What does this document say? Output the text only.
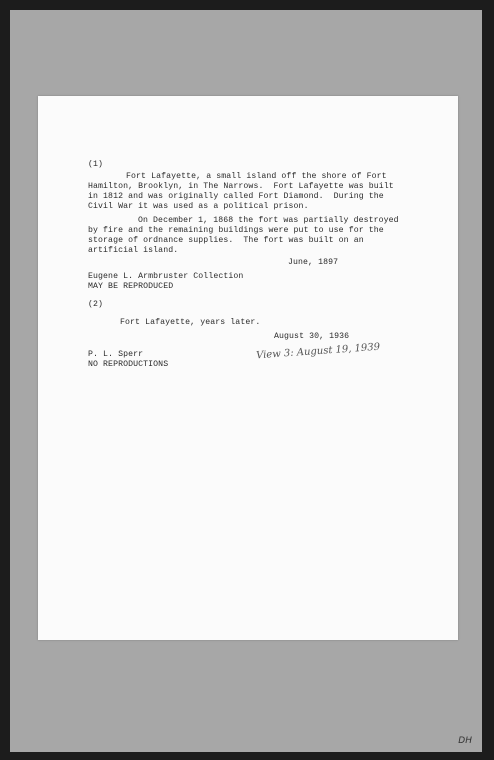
DH
(1)
Fort Lafayette, a small island off the shore of Fort
Hamilton, Brooklyn, in The Narrows.  Fort Lafayette was built
in 1812 and was originally called Fort Diamond.  During the
Civil War it was used as a political prison.
On December 1, 1868 the fort was partially destroyed
by fire and the remaining buildings were put to use for the
storage of ordnance supplies.  The fort was built on an
artificial island.
June, 1897
Eugene L. Armbruster Collection
MAY BE REPRODUCED
(2)
Fort Lafayette, years later.
August 30, 1936
P. L. Sperr
NO REPRODUCTIONS
View 3: August 19, 1939
